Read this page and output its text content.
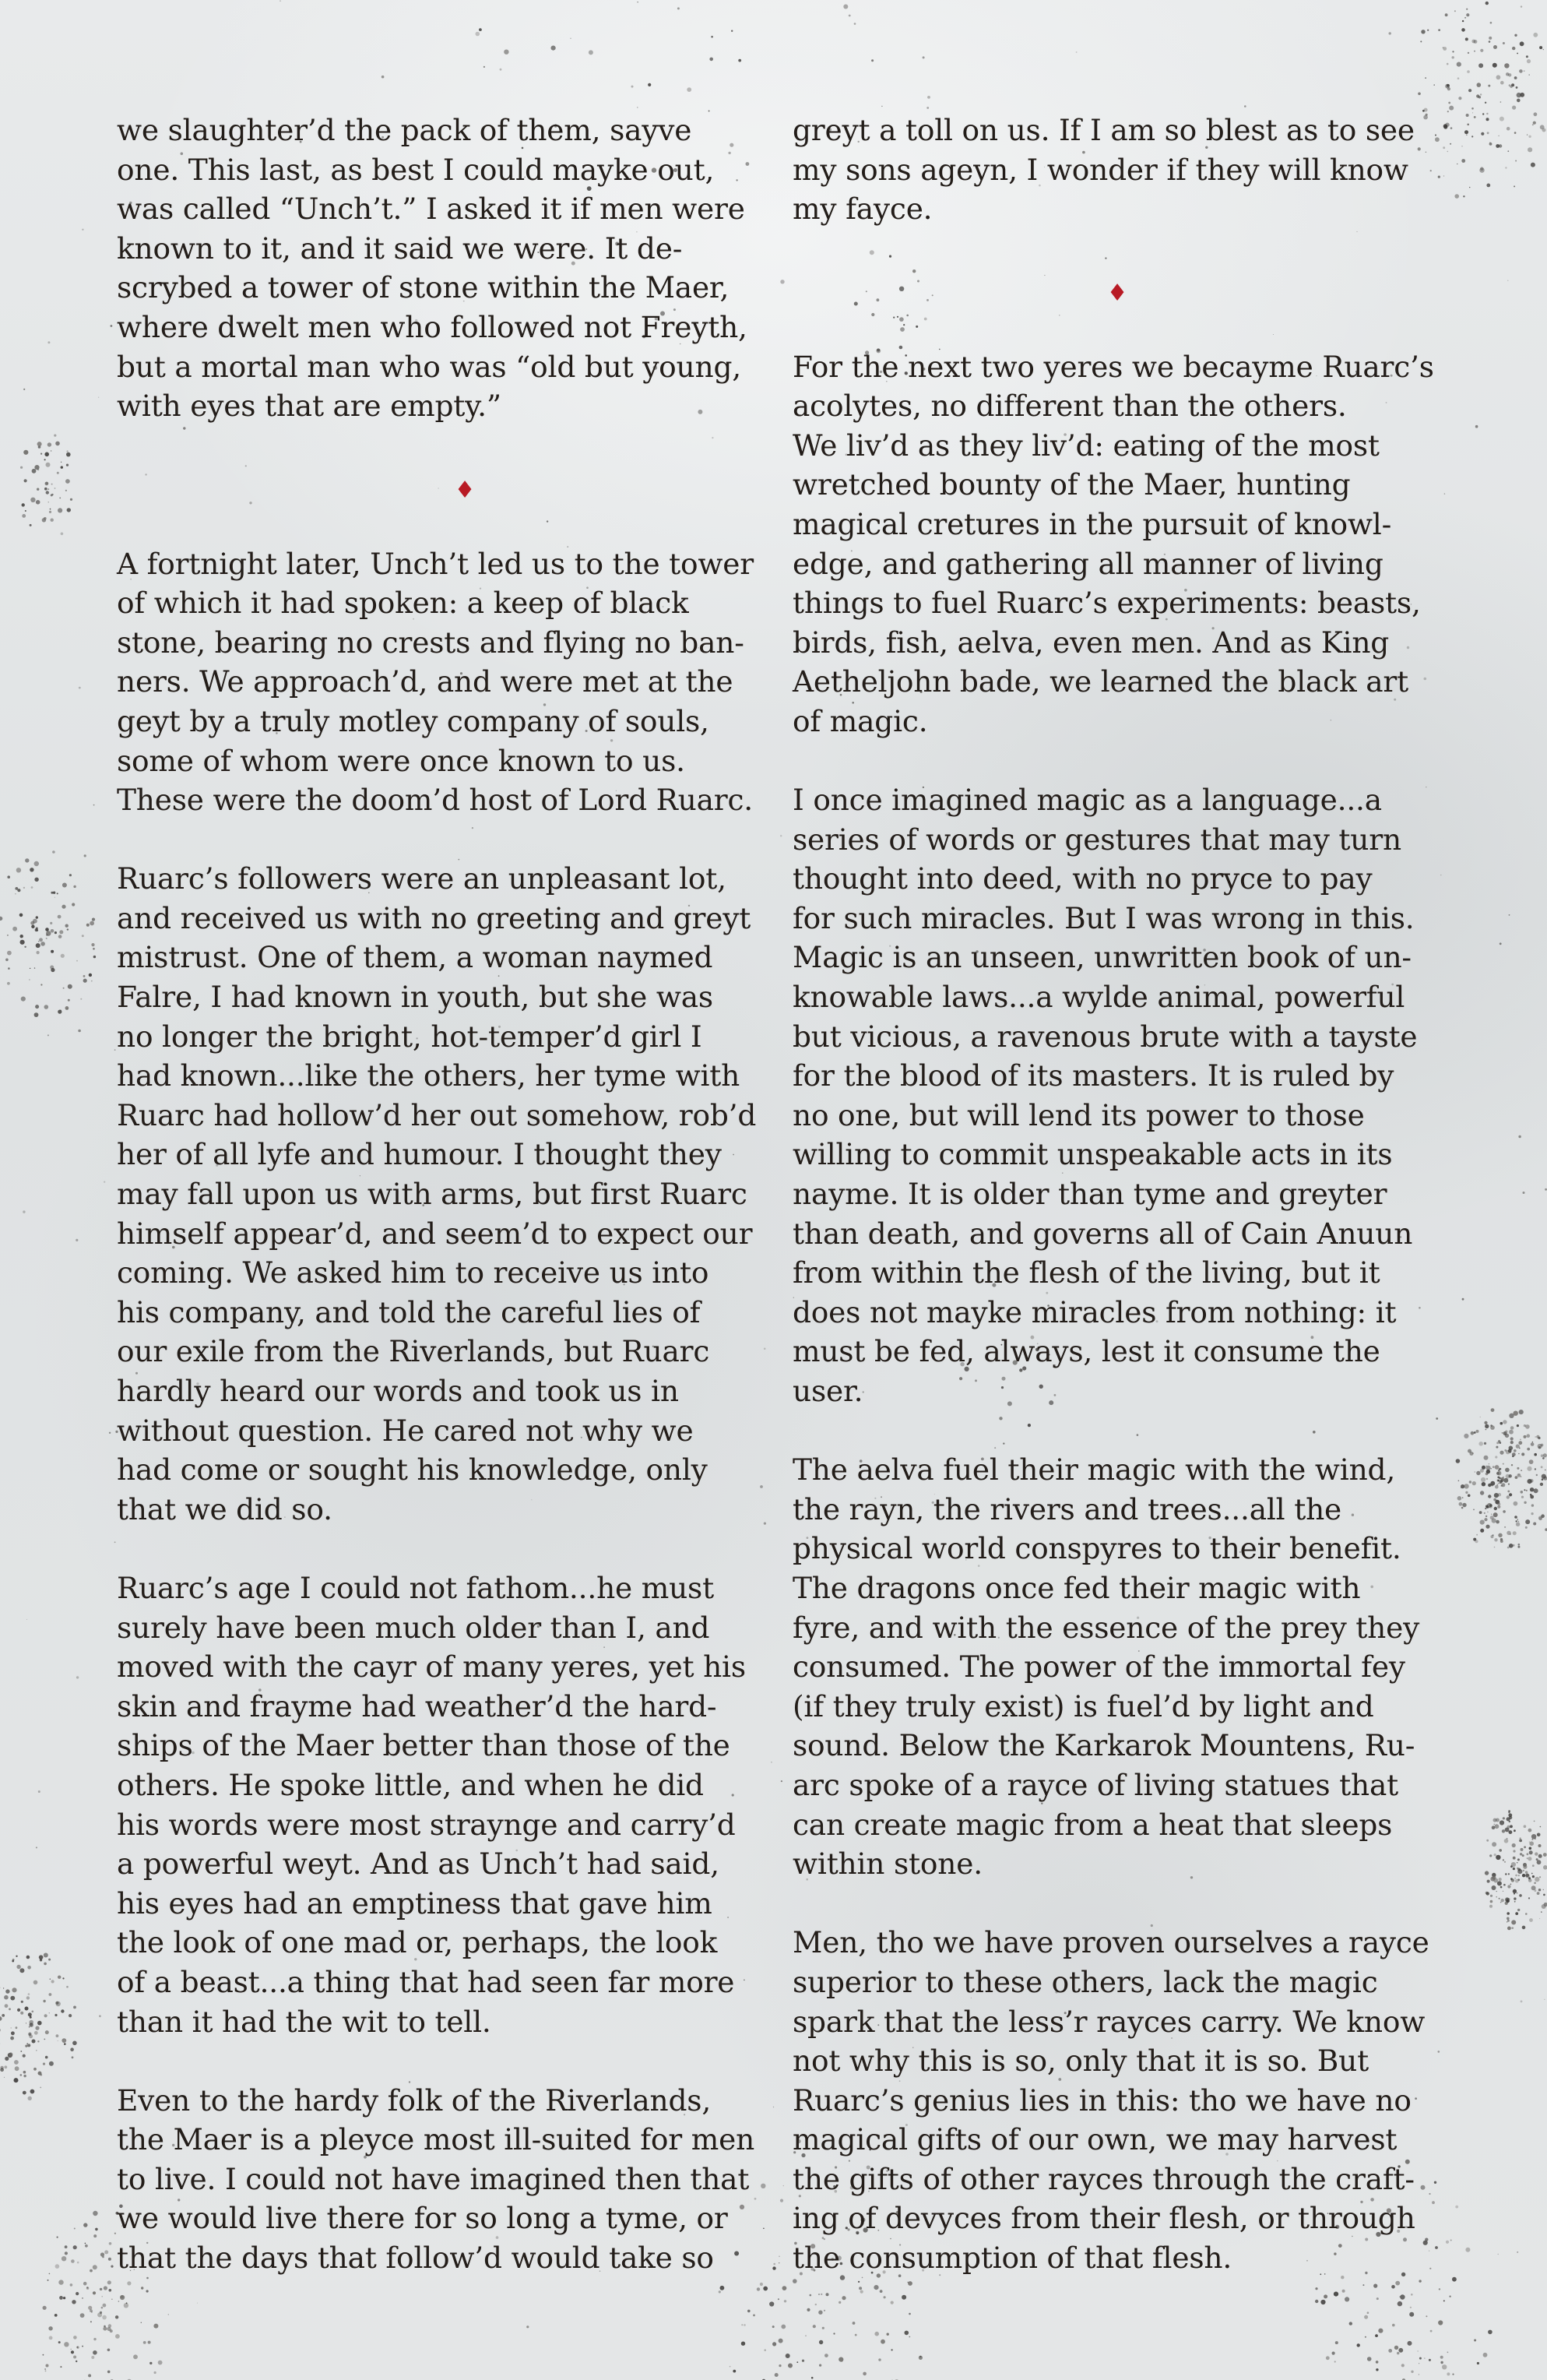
we slaughter’d the pack of them, sayve
one. This last, as best I could mayke out,
was called “Unch’t.” I asked it if men were
known to it, and it said we were. It de-
scrybed a tower of stone within the Maer,
where dwelt men who followed not Freyth,
but a mortal man who was “old but young,
with eyes that are empty.”
♦
A fortnight later, Unch’t led us to the tower
of which it had spoken: a keep of black
stone, bearing no crests and flying no ban-
ners. We approach’d, and were met at the
geyt by a truly motley company of souls,
some of whom were once known to us.
These were the doom’d host of Lord Ruarc.
Ruarc’s followers were an unpleasant lot,
and received us with no greeting and greyt
mistrust. One of them, a woman naymed
Falre, I had known in youth, but she was
no longer the bright, hot-temper’d girl I
had known...like the others, her tyme with
Ruarc had hollow’d her out somehow, rob’d
her of all lyfe and humour. I thought they
may fall upon us with arms, but first Ruarc
himself appear’d, and seem’d to expect our
coming. We asked him to receive us into
his company, and told the careful lies of
our exile from the Riverlands, but Ruarc
hardly heard our words and took us in
without question. He cared not why we
had come or sought his knowledge, only
that we did so.
Ruarc’s age I could not fathom...he must
surely have been much older than I, and
moved with the cayr of many yeres, yet his
skin and frayme had weather’d the hard-
ships of the Maer better than those of the
others. He spoke little, and when he did
his words were most straynge and carry’d
a powerful weyt. And as Unch’t had said,
his eyes had an emptiness that gave him
the look of one mad or, perhaps, the look
of a beast...a thing that had seen far more
than it had the wit to tell.
Even to the hardy folk of the Riverlands,
the Maer is a pleyce most ill-suited for men
to live. I could not have imagined then that
we would live there for so long a tyme, or
that the days that follow’d would take so
greyt a toll on us. If I am so blest as to see
my sons ageyn, I wonder if they will know
my fayce.
♦
For the next two yeres we becayme Ruarc’s
acolytes, no different than the others.
We liv’d as they liv’d: eating of the most
wretched bounty of the Maer, hunting
magical cretures in the pursuit of knowl-
edge, and gathering all manner of living
things to fuel Ruarc’s experiments: beasts,
birds, fish, aelva, even men. And as King
Aetheljohn bade, we learned the black art
of magic.
I once imagined magic as a language...a
series of words or gestures that may turn
thought into deed, with no pryce to pay
for such miracles. But I was wrong in this.
Magic is an unseen, unwritten book of un-
knowable laws...a wylde animal, powerful
but vicious, a ravenous brute with a tayste
for the blood of its masters. It is ruled by
no one, but will lend its power to those
willing to commit unspeakable acts in its
nayme. It is older than tyme and greyter
than death, and governs all of Cain Anuun
from within the flesh of the living, but it
does not mayke miracles from nothing: it
must be fed, always, lest it consume the
user.
The aelva fuel their magic with the wind,
the rayn, the rivers and trees...all the
physical world conspyres to their benefit.
The dragons once fed their magic with
fyre, and with the essence of the prey they
consumed. The power of the immortal fey
(if they truly exist) is fuel’d by light and
sound. Below the Karkarok Mountens, Ru-
arc spoke of a rayce of living statues that
can create magic from a heat that sleeps
within stone.
Men, tho we have proven ourselves a rayce
superior to these others, lack the magic
spark that the less’r rayces carry. We know
not why this is so, only that it is so. But
Ruarc’s genius lies in this: tho we have no
magical gifts of our own, we may harvest
the gifts of other rayces through the craft-
ing of devyces from their flesh, or through
the consumption of that flesh.
